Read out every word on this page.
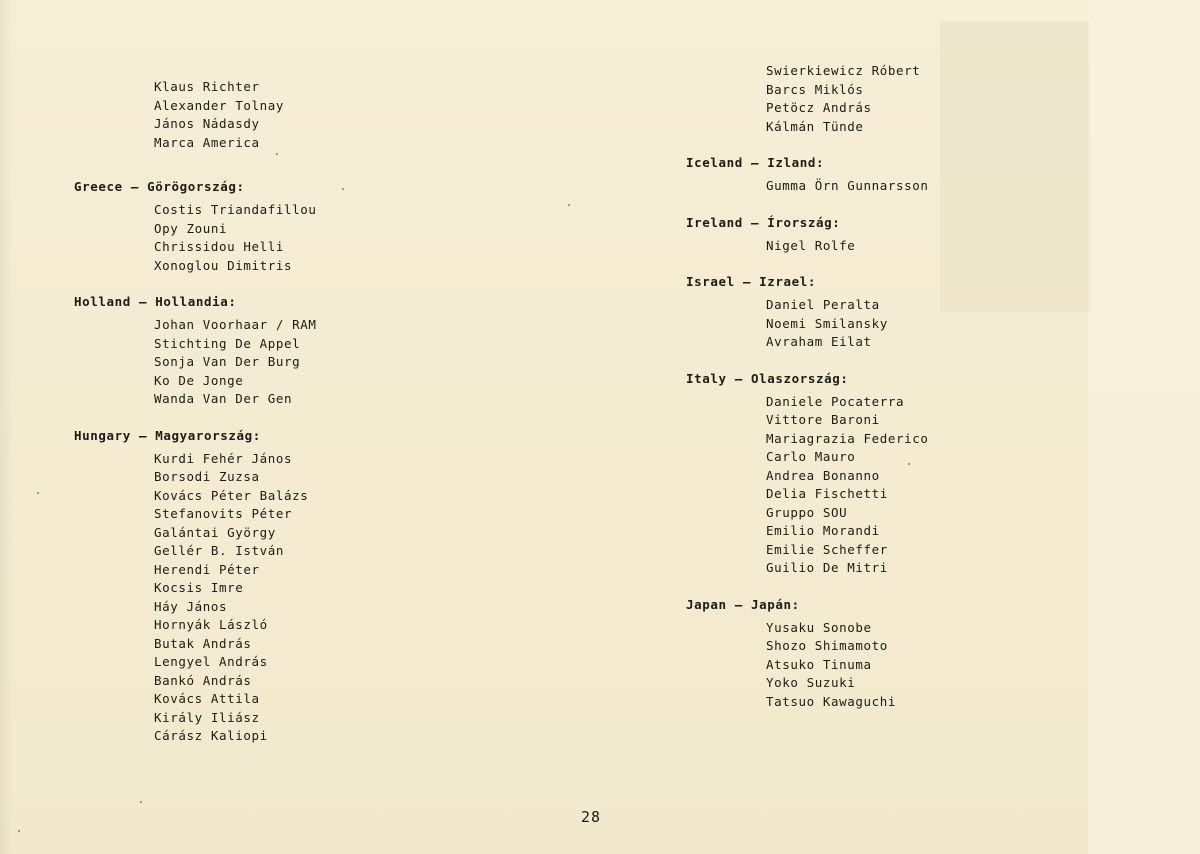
Klaus Richter
Alexander Tolnay
János Nádasdy
Marca America

Greece — Görögország:

Costis Triandafillou
Opy Zouni
Chrissidou Helli
Xonoglou Dimitris

Holland — Hollandia:

Johan Voorhaar / RAM
Stichting De Appel
Sonja Van Der Burg
Ko De Jonge
Wanda Van Der Gen

Hungary — Magyarország:

Kurdi Fehér János
Borsodi Zuzsa
Kovács Péter Balázs
Stefanovits Péter
Galántai György
Gellér B. István
Herendi Péter
Kocsis Imre
Háy János
Hornyák László
Butak András
Lengyel András
Bankó András
Kovács Attila
Király Iliász
Cárász Kaliopi
Swierkiewicz Róbert
Barcs Miklós
Petöcz András
Kálmán Tünde

Iceland — Izland:

Gumma Örn Gunnarsson

Ireland — Írország:

Nigel Rolfe

Israel — Izrael:

Daniel Peralta
Noemi Smilansky
Avraham Eilat

Italy — Olaszország:

Daniele Pocaterra
Vittore Baroni
Mariagrazia Federico
Carlo Mauro
Andrea Bonanno
Delia Fischetti
Gruppo SOU
Emilio Morandi
Emilie Scheffer
Guilio De Mitri

Japan — Japán:

Yusaku Sonobe
Shozo Shimamoto
Atsuko Tinuma
Yoko Suzuki
Tatsuo Kawaguchi
28
